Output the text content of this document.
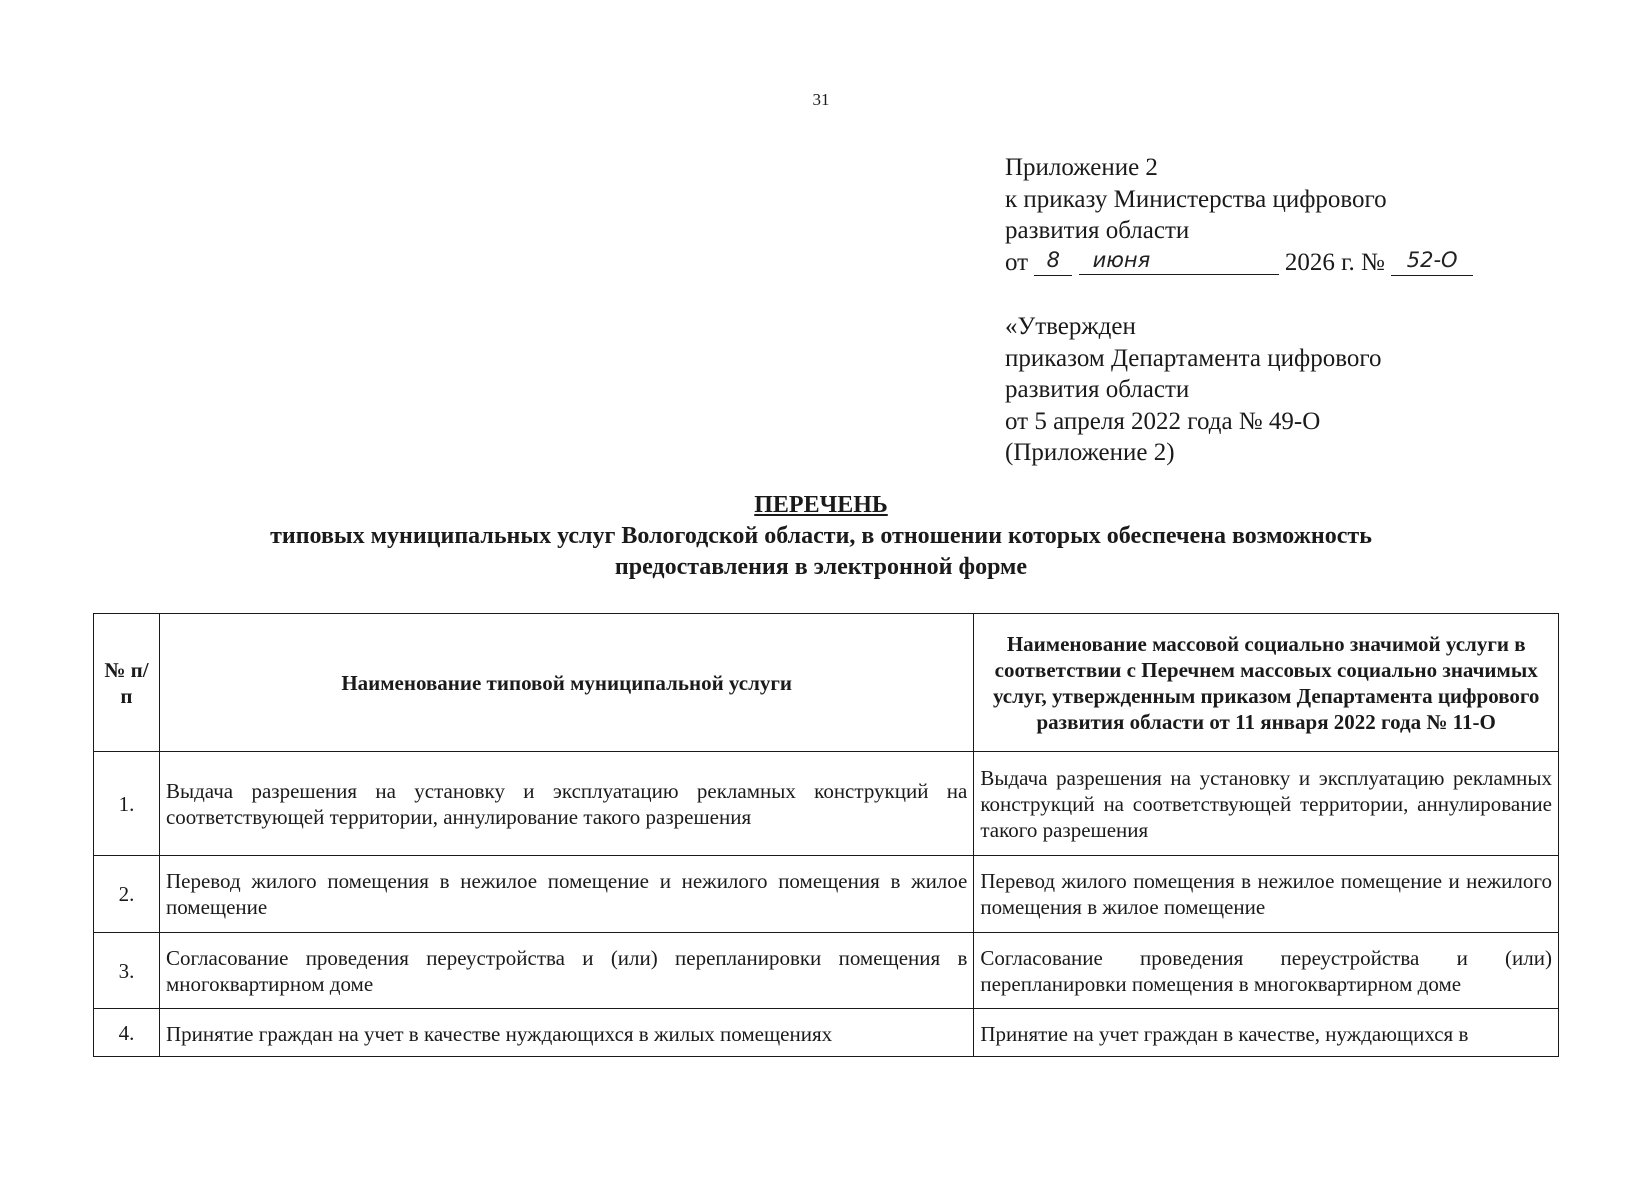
31
Приложение 2
к приказу Министерства цифрового
развития области
от 8 июня	2026 г. № 52-О
«Утвержден
приказом Департамента цифрового
развития области
от 5 апреля 2022 года № 49-О
(Приложение 2)
ПЕРЕЧЕНЬ
типовых муниципальных услуг Вологодской области, в отношении которых обеспечена возможность
предоставления в электронной форме
№ п/п	Наименование типовой муниципальной услуги	Наименование массовой социально значимой услуги в соответствии с Перечнем массовых социально значимых услуг, утвержденным приказом Департамента цифрового развития области от 11 января 2022 года № 11-О
1.	Выдача разрешения на установку и эксплуатацию рекламных конструкций на соответствующей территории, аннулирование такого разрешения	Выдача разрешения на установку и эксплуатацию рекламных конструкций на соответствующей территории, аннулирование такого разрешения
2.	Перевод жилого помещения в нежилое помещение и нежилого помещения в жилое помещение	Перевод жилого помещения в нежилое помещение и нежилого помещения в жилое помещение
3.	Согласование проведения переустройства и (или) перепланировки помещения в многоквартирном доме	Согласование проведения переустройства и (или) перепланировки помещения в многоквартирном доме
4.	Принятие граждан на учет в качестве нуждающихся в жилых помещениях	Принятие на учет граждан в качестве, нуждающихся в
